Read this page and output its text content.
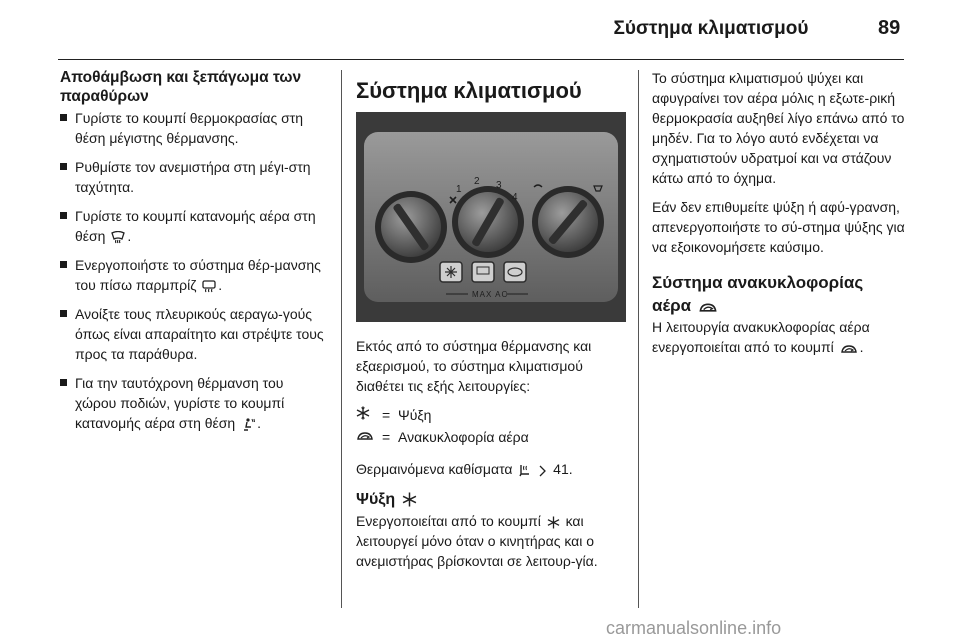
Σύστημα κλιματισμού	89
Αποθάμβωση και ξεπάγωμα των παραθύρων
Γυρίστε το κουμπί θερμοκρασίας στη θέση μέγιστης θέρμανσης.
Ρυθμίστε τον ανεμιστήρα στη μέγι-στη ταχύτητα.
Γυρίστε το κουμπί κατανομής αέρα στη θέση .
Ενεργοποιήστε το σύστημα θέρ-μανσης του πίσω παρμπρίζ .
Ανοίξτε τους πλευρικούς αεραγω-γούς όπως είναι απαραίτητο και στρέψτε τους προς τα παράθυρα.
Για την ταυτόχρονη θέρμανση του χώρου ποδιών, γυρίστε το κουμπί κατανομής αέρα στη θέση .
Σύστημα κλιματισμού
1
2 3
4
MAX AC

Εκτός από το σύστημα θέρμανσης και εξαερισμού, το σύστημα κλιματισμού διαθέτει τις εξής λειτουργίες:

= Ψύξη
= Ανακυκλοφορία αέρα

Θερμαινόμενα καθίσματα	41.

Ψύξη

Ενεργοποιείται από το κουμπί και λειτουργεί μόνο όταν ο κινητήρας και ο ανεμιστήρας βρίσκονται σε λειτουρ-γία.

Το σύστημα κλιματισμού ψύχει και αφυγραίνει τον αέρα μόλις η εξωτε-ρική θερμοκρασία αυξηθεί λίγο επάνω από το μηδέν. Για το λόγο αυτό ενδέχεται να σχηματιστούν υδρατμοί και να στάζουν κάτω από το όχημα.

Εάν δεν επιθυμείτε ψύξη ή αφύ-γρανση, απενεργοποιήστε το σύ-στημα ψύξης για να εξοικονομήσετε καύσιμο.

Σύστημα ανακυκλοφορίας αέρα

Η λειτουργία ανακυκλοφορίας αέρα ενεργοποιείται από το κουμπί .

carmanualsonline.info
